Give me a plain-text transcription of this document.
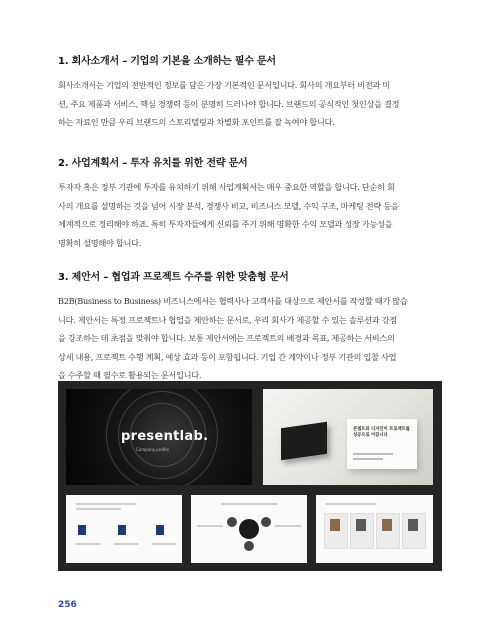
1. 회사소개서 – 기업의 기본을 소개하는 필수 문서
회사소개서는 기업의 전반적인 정보를 담은 가장 기본적인 문서입니다. 회사의 개요부터 비전과 미
션, 주요 제품과 서비스, 핵심 경쟁력 등이 분명히 드러나야 합니다. 브랜드의 공식적인 첫인상을 결정
하는 자료인 만큼 우리 브랜드의 스토리텔링과 차별화 포인트를 잘 녹여야 합니다.
2. 사업계획서 – 투자 유치를 위한 전략 문서
투자자 혹은 정부 기관에 투자를 유치하기 위해 사업계획서는 매우 중요한 역할을 합니다. 단순히 회
사의 개요를 설명하는 것을 넘어 시장 분석, 경쟁사 비교, 비즈니스 모델, 수익 구조, 마케팅 전략 등을
체계적으로 정리해야 하죠. 특히 투자자들에게 신뢰를 주기 위해 명확한 수익 모델과 성장 가능성을
명확히 설명해야 합니다.
3. 제안서 – 협업과 프로젝트 수주를 위한 맞춤형 문서
B2B(Business to Business) 비즈니스에서는 협력사나 고객사를 대상으로 제안서를 작성할 때가 많습
니다. 제안서는 특정 프로젝트나 협업을 제안하는 문서로, 우리 회사가 제공할 수 있는 솔루션과 강점
을 강조하는 데 초점을 맞춰야 합니다. 보통 제안서에는 프로젝트의 배경과 목표, 제공하는 서비스의
상세 내용, 프로젝트 수행 계획, 예상 효과 등이 포함됩니다. 기업 간 계약이나 정부 기관의 입찰 사업
을 수주할 때 필수로 활용되는 문서입니다.
presentlab.
Company profile
콘셉트와 디자인이 프로젝트를 성공으로 이끕니다
256
